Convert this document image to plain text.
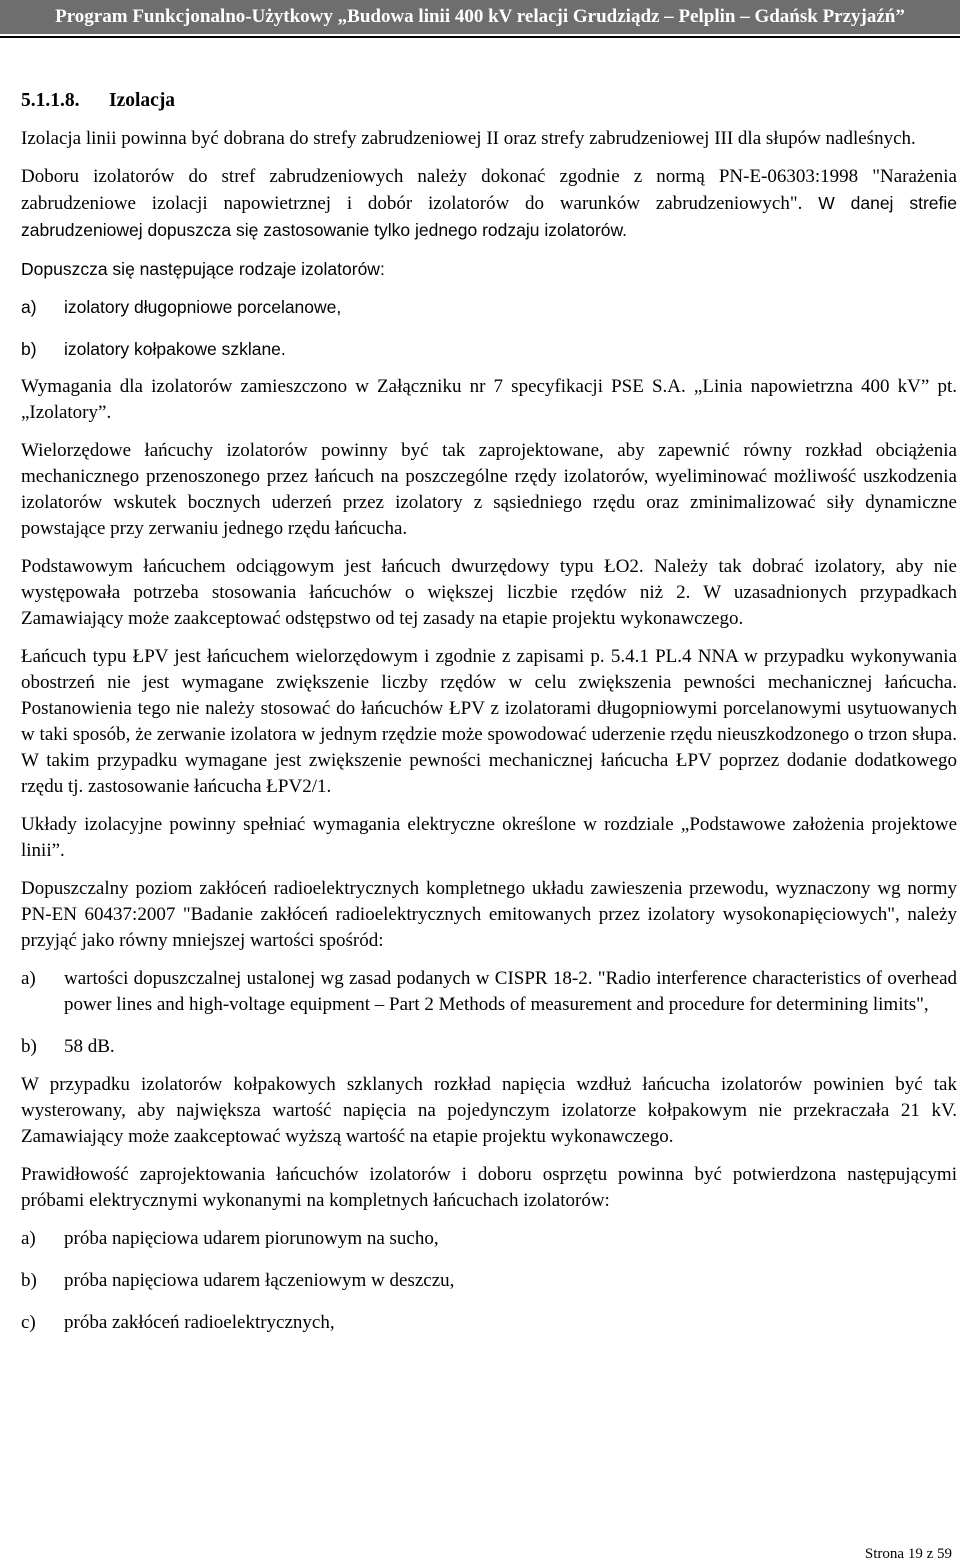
Program Funkcjonalno-Użytkowy „Budowa linii 400 kV relacji Grudziądz – Pelplin – Gdańsk Przyjaźń”
5.1.1.8. Izolacja

Izolacja linii powinna być dobrana do strefy zabrudzeniowej II oraz strefy zabrudzeniowej III dla słupów nadleśnych.

Doboru izolatorów do stref zabrudzeniowych należy dokonać zgodnie z normą PN-E-06303:1998 "Narażenia zabrudzeniowe izolacji napowietrznej i dobór izolatorów do warunków zabrudzeniowych". W danej strefie zabrudzeniowej dopuszcza się zastosowanie tylko jednego rodzaju izolatorów.

Dopuszcza się następujące rodzaje izolatorów:

a)	izolatory długopniowe porcelanowe,
b)	izolatory kołpakowe szklane.

Wymagania dla izolatorów zamieszczono w Załączniku nr 7 specyfikacji PSE S.A. „Linia napowietrzna 400 kV” pt. „Izolatory”.

Wielorzędowe łańcuchy izolatorów powinny być tak zaprojektowane, aby zapewnić równy rozkład obciążenia mechanicznego przenoszonego przez łańcuch na poszczególne rzędy izolatorów, wyeliminować możliwość uszkodzenia izolatorów wskutek bocznych uderzeń przez izolatory z sąsiedniego rzędu oraz zminimalizować siły dynamiczne powstające przy zerwaniu jednego rzędu łańcucha.

Podstawowym łańcuchem odciągowym jest łańcuch dwurzędowy typu ŁO2. Należy tak dobrać izolatory, aby nie występowała potrzeba stosowania łańcuchów o większej liczbie rzędów niż 2. W uzasadnionych przypadkach Zamawiający może zaakceptować odstępstwo od tej zasady na etapie projektu wykonawczego.

Łańcuch typu ŁPV jest łańcuchem wielorzędowym i zgodnie z zapisami p. 5.4.1 PL.4 NNA w przypadku wykonywania obostrzeń nie jest wymagane zwiększenie liczby rzędów w celu zwiększenia pewności mechanicznej łańcucha. Postanowienia tego nie należy stosować do łańcuchów ŁPV z izolatorami długopniowymi porcelanowymi usytuowanych w taki sposób, że zerwanie izolatora w jednym rzędzie może spowodować uderzenie rzędu nieuszkodzonego o trzon słupa. W takim przypadku wymagane jest zwiększenie pewności mechanicznej łańcucha ŁPV poprzez dodanie dodatkowego rzędu tj. zastosowanie łańcucha ŁPV2/1.

Układy izolacyjne powinny spełniać wymagania elektryczne określone w rozdziale „Podstawowe założenia projektowe linii”.

Dopuszczalny poziom zakłóceń radioelektrycznych kompletnego układu zawieszenia przewodu, wyznaczony wg normy PN-EN 60437:2007 "Badanie zakłóceń radioelektrycznych emitowanych przez izolatory wysokonapięciowych", należy przyjąć jako równy mniejszej wartości spośród:

a)	wartości dopuszczalnej ustalonej wg zasad podanych w CISPR 18-2. "Radio interference characteristics of overhead power lines and high-voltage equipment – Part 2 Methods of measurement and procedure for determining limits",
b)	58 dB.

W przypadku izolatorów kołpakowych szklanych rozkład napięcia wzdłuż łańcucha izolatorów powinien być tak wysterowany, aby największa wartość napięcia na pojedynczym izolatorze kołpakowym nie przekraczała 21 kV. Zamawiający może zaakceptować wyższą wartość na etapie projektu wykonawczego.

Prawidłowość zaprojektowania łańcuchów izolatorów i doboru osprzętu powinna być potwierdzona następującymi próbami elektrycznymi wykonanymi na kompletnych łańcuchach izolatorów:

a)	próba napięciowa udarem piorunowym na sucho,
b)	próba napięciowa udarem łączeniowym w deszczu,
c)	próba zakłóceń radioelektrycznych,
Strona 19 z 59
